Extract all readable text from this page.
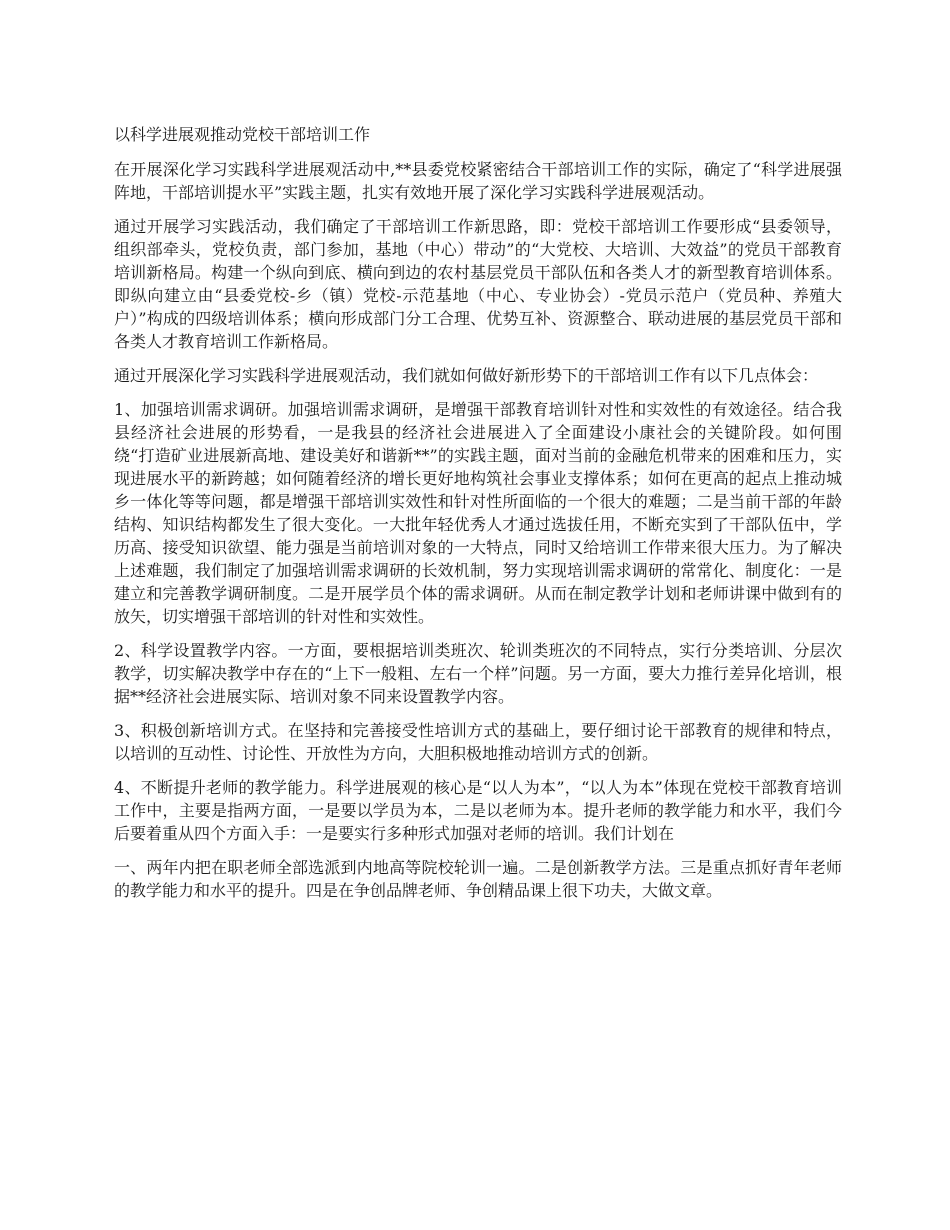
以科学进展观推动党校干部培训工作

在开展深化学习实践科学进展观活动中,**县委党校紧密结合干部培训工作的实际，确定了“科学进展强阵地，干部培训提水平”实践主题，扎实有效地开展了深化学习实践科学进展观活动。

通过开展学习实践活动，我们确定了干部培训工作新思路，即：党校干部培训工作要形成“县委领导，组织部牵头，党校负责，部门参加，基地（中心）带动”的“大党校、大培训、大效益”的党员干部教育培训新格局。构建一个纵向到底、横向到边的农村基层党员干部队伍和各类人才的新型教育培训体系。即纵向建立由“县委党校-乡（镇）党校-示范基地（中心、专业协会）-党员示范户（党员种、养殖大户）”构成的四级培训体系；横向形成部门分工合理、优势互补、资源整合、联动进展的基层党员干部和各类人才教育培训工作新格局。

通过开展深化学习实践科学进展观活动，我们就如何做好新形势下的干部培训工作有以下几点体会：

1、加强培训需求调研。加强培训需求调研，是增强干部教育培训针对性和实效性的有效途径。结合我县经济社会进展的形势看，一是我县的经济社会进展进入了全面建设小康社会的关键阶段。如何围绕“打造矿业进展新高地、建设美好和谐新**”的实践主题，面对当前的金融危机带来的困难和压力，实现进展水平的新跨越；如何随着经济的增长更好地构筑社会事业支撑体系；如何在更高的起点上推动城乡一体化等等问题，都是增强干部培训实效性和针对性所面临的一个很大的难题；二是当前干部的年龄结构、知识结构都发生了很大变化。一大批年轻优秀人才通过选拔任用，不断充实到了干部队伍中，学历高、接受知识欲望、能力强是当前培训对象的一大特点，同时又给培训工作带来很大压力。为了解决上述难题，我们制定了加强培训需求调研的长效机制，努力实现培训需求调研的常常化、制度化：一是建立和完善教学调研制度。二是开展学员个体的需求调研。从而在制定教学计划和老师讲课中做到有的放矢，切实增强干部培训的针对性和实效性。

2、科学设置教学内容。一方面，要根据培训类班次、轮训类班次的不同特点，实行分类培训、分层次教学，切实解决教学中存在的“上下一般粗、左右一个样”问题。另一方面，要大力推行差异化培训，根据**经济社会进展实际、培训对象不同来设置教学内容。

3、积极创新培训方式。在坚持和完善接受性培训方式的基础上，要仔细讨论干部教育的规律和特点，以培训的互动性、讨论性、开放性为方向，大胆积极地推动培训方式的创新。

4、不断提升老师的教学能力。科学进展观的核心是“以人为本”，“以人为本”体现在党校干部教育培训工作中，主要是指两方面，一是要以学员为本，二是以老师为本。提升老师的教学能力和水平，我们今后要着重从四个方面入手：一是要实行多种形式加强对老师的培训。我们计划在

一、两年内把在职老师全部选派到内地高等院校轮训一遍。二是创新教学方法。三是重点抓好青年老师的教学能力和水平的提升。四是在争创品牌老师、争创精品课上很下功夫，大做文章。
